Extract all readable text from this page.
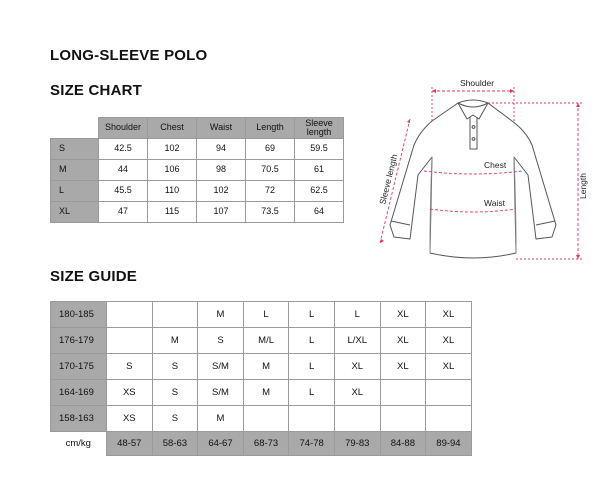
LONG-SLEEVE POLO
SIZE CHART
	Shoulder	Chest	Waist	Length	Sleeve length
S	42.5	102	94	69	59.5
M	44	106	98	70.5	61
L	45.5	110	102	72	62.5
XL	47	115	107	73.5	64
Shoulder
Chest
Waist
Length
Sleeve length
SIZE GUIDE
180-185			M	L	L	L	XL	XL
176-179		M	S	M/L	L	L/XL	XL	XL
170-175	S	S	S/M	M	L	XL	XL	XL
164-169	XS	S	S/M	M	L	XL		
158-163	XS	S	M					
cm/kg	48-57	58-63	64-67	68-73	74-78	79-83	84-88	89-94
